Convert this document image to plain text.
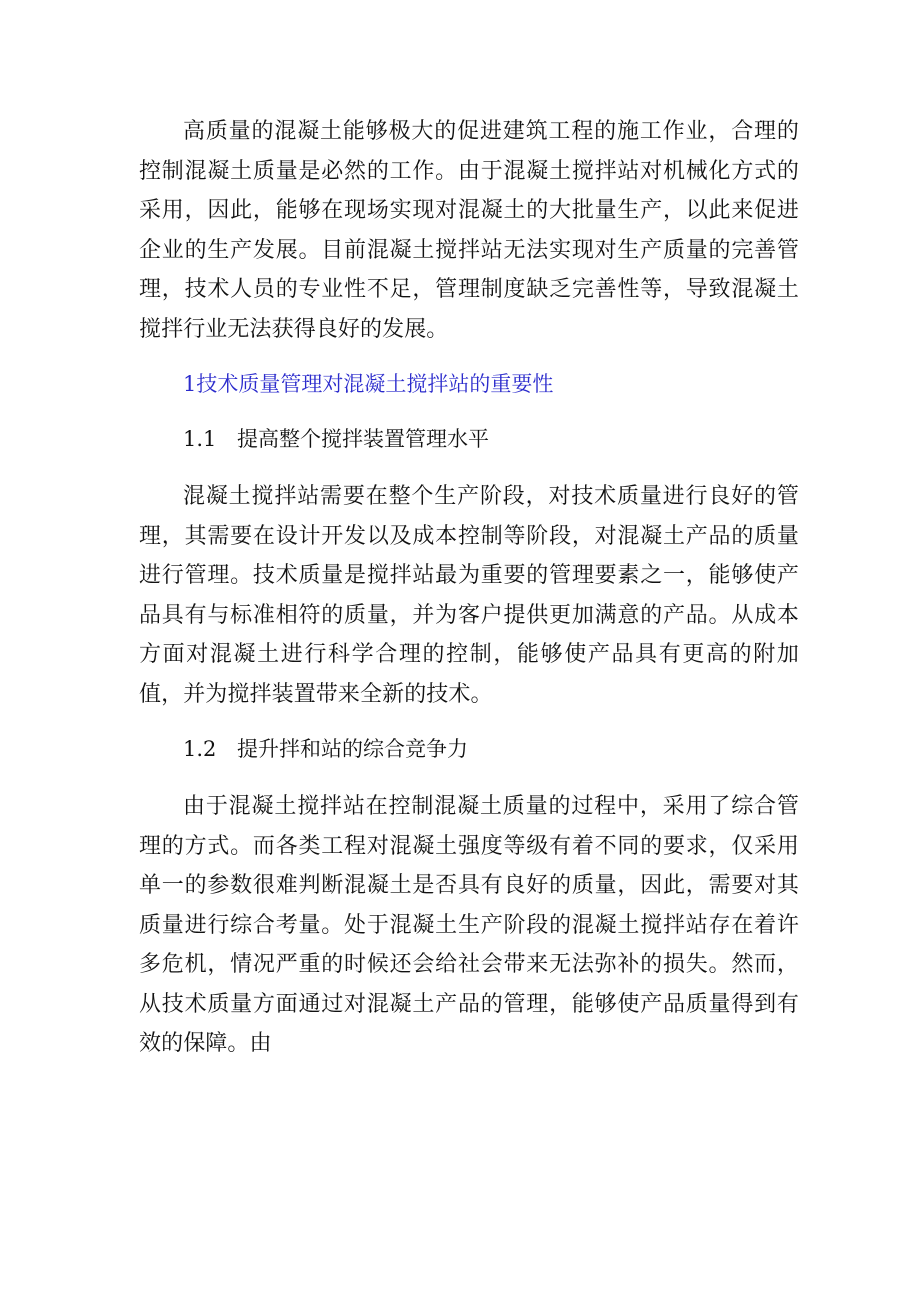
高质量的混凝土能够极大的促进建筑工程的施工作业，合理的控制混凝土质量是必然的工作。由于混凝土搅拌站对机械化方式的采用，因此，能够在现场实现对混凝土的大批量生产，以此来促进企业的生产发展。目前混凝土搅拌站无法实现对生产质量的完善管理，技术人员的专业性不足，管理制度缺乏完善性等，导致混凝土搅拌行业无法获得良好的发展。

1技术质量管理对混凝土搅拌站的重要性

1.1 提高整个搅拌装置管理水平

混凝土搅拌站需要在整个生产阶段，对技术质量进行良好的管理，其需要在设计开发以及成本控制等阶段，对混凝土产品的质量进行管理。技术质量是搅拌站最为重要的管理要素之一，能够使产品具有与标准相符的质量，并为客户提供更加满意的产品。从成本方面对混凝土进行科学合理的控制，能够使产品具有更高的附加值，并为搅拌装置带来全新的技术。

1.2 提升拌和站的综合竞争力

由于混凝土搅拌站在控制混凝土质量的过程中，采用了综合管理的方式。而各类工程对混凝土强度等级有着不同的要求，仅采用单一的参数很难判断混凝土是否具有良好的质量，因此，需要对其质量进行综合考量。处于混凝土生产阶段的混凝土搅拌站存在着许多危机，情况严重的时候还会给社会带来无法弥补的损失。然而，从技术质量方面通过对混凝土产品的管理，能够使产品质量得到有效的保障。由
